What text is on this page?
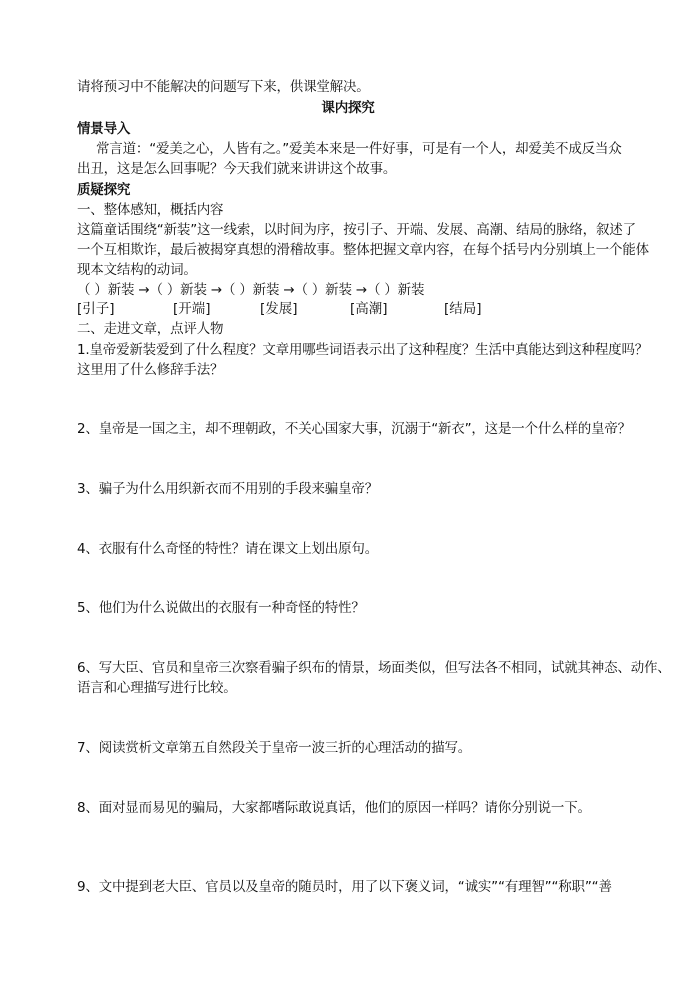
请将预习中不能解决的问题写下来，供课堂解决。
课内探究
情景导入
常言道：“爱美之心，人皆有之。”爱美本来是一件好事，可是有一个人，却爱美不成反当众
出丑，这是怎么回事呢？今天我们就来讲讲这个故事。
质疑探究
一、整体感知，概括内容
这篇童话围绕“新装”这一线索，以时间为序，按引子、开端、发展、高潮、结局的脉络，叙述了
一个互相欺诈，最后被揭穿真想的滑稽故事。整体把握文章内容，在每个括号内分别填上一个能体
现本文结构的动词。
（ ）新装 →（ ）新装 →（ ）新装 →（ ）新装 →（ ）新装
[引子]	[开端]	[发展]	[高潮]	[结局]
二、走进文章，点评人物
1.皇帝爱新装爱到了什么程度？文章用哪些词语表示出了这种程度？生活中真能达到这种程度吗？
这里用了什么修辞手法？
2、皇帝是一国之主，却不理朝政，不关心国家大事，沉溺于“新衣”，这是一个什么样的皇帝？
3、骗子为什么用织新衣而不用别的手段来骗皇帝？
4、衣服有什么奇怪的特性？请在课文上划出原句。
5、他们为什么说做出的衣服有一种奇怪的特性？
6、写大臣、官员和皇帝三次察看骗子织布的情景，场面类似，但写法各不相同，试就其神态、动作、
语言和心理描写进行比较。
7、阅读赏析文章第五自然段关于皇帝一波三折的心理活动的描写。
8、面对显而易见的骗局，大家都嗜际敢说真话，他们的原因一样吗？请你分别说一下。
9、文中提到老大臣、官员以及皇帝的随员时，用了以下褒义词，“诚实”“有理智”“称职”“善
